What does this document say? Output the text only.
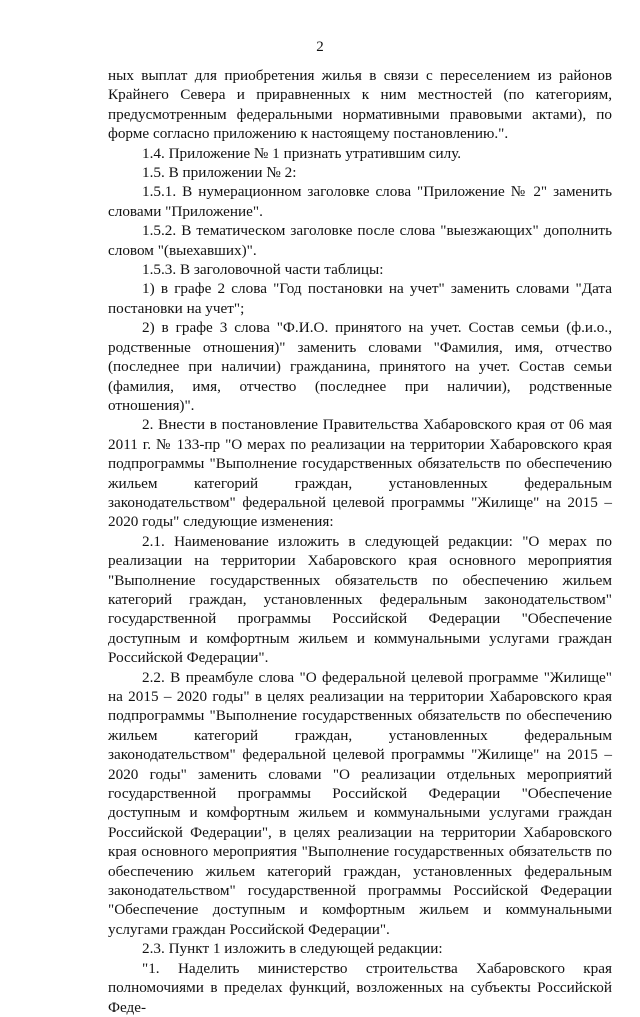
2

ных выплат для приобретения жилья в связи с переселением из районов Крайнего Севера и приравненных к ним местностей (по категориям, предусмотренным федеральными нормативными правовыми актами), по форме согласно приложению к настоящему постановлению.".

1.4. Приложение № 1 признать утратившим силу.

1.5. В приложении № 2:

1.5.1. В нумерационном заголовке слова "Приложение № 2" заменить словами "Приложение".

1.5.2. В тематическом заголовке после слова "выезжающих" дополнить словом "(выехавших)".

1.5.3. В заголовочной части таблицы:

1) в графе 2 слова "Год постановки на учет" заменить словами "Дата постановки на учет";

2) в графе 3 слова "Ф.И.О. принятого на учет. Состав семьи (ф.и.о., родственные отношения)" заменить словами "Фамилия, имя, отчество (последнее при наличии) гражданина, принятого на учет. Состав семьи (фамилия, имя, отчество (последнее при наличии), родственные отношения)".

2. Внести в постановление Правительства Хабаровского края от 06 мая 2011 г. № 133-пр "О мерах по реализации на территории Хабаровского края подпрограммы "Выполнение государственных обязательств по обеспечению жильем категорий граждан, установленных федеральным законодательством" федеральной целевой программы "Жилище" на 2015 – 2020 годы" следующие изменения:

2.1. Наименование изложить в следующей редакции: "О мерах по реализации на территории Хабаровского края основного мероприятия "Выполнение государственных обязательств по обеспечению жильем категорий граждан, установленных федеральным законодательством" государственной программы Российской Федерации "Обеспечение доступным и комфортным жильем и коммунальными услугами граждан Российской Федерации".

2.2. В преамбуле слова "О федеральной целевой программе "Жилище" на 2015 – 2020 годы" в целях реализации на территории Хабаровского края подпрограммы "Выполнение государственных обязательств по обеспечению жильем категорий граждан, установленных федеральным законодательством" федеральной целевой программы "Жилище" на 2015 – 2020 годы" заменить словами "О реализации отдельных мероприятий государственной программы Российской Федерации "Обеспечение доступным и комфортным жильем и коммунальными услугами граждан Российской Федерации", в целях реализации на территории Хабаровского края основного мероприятия "Выполнение государственных обязательств по обеспечению жильем категорий граждан, установленных федеральным законодательством" государственной программы Российской Федерации "Обеспечение доступным и комфортным жильем и коммунальными услугами граждан Российской Федерации".

2.3. Пункт 1 изложить в следующей редакции:

"1. Наделить министерство строительства Хабаровского края полномочиями в пределах функций, возложенных на субъекты Российской Феде-
